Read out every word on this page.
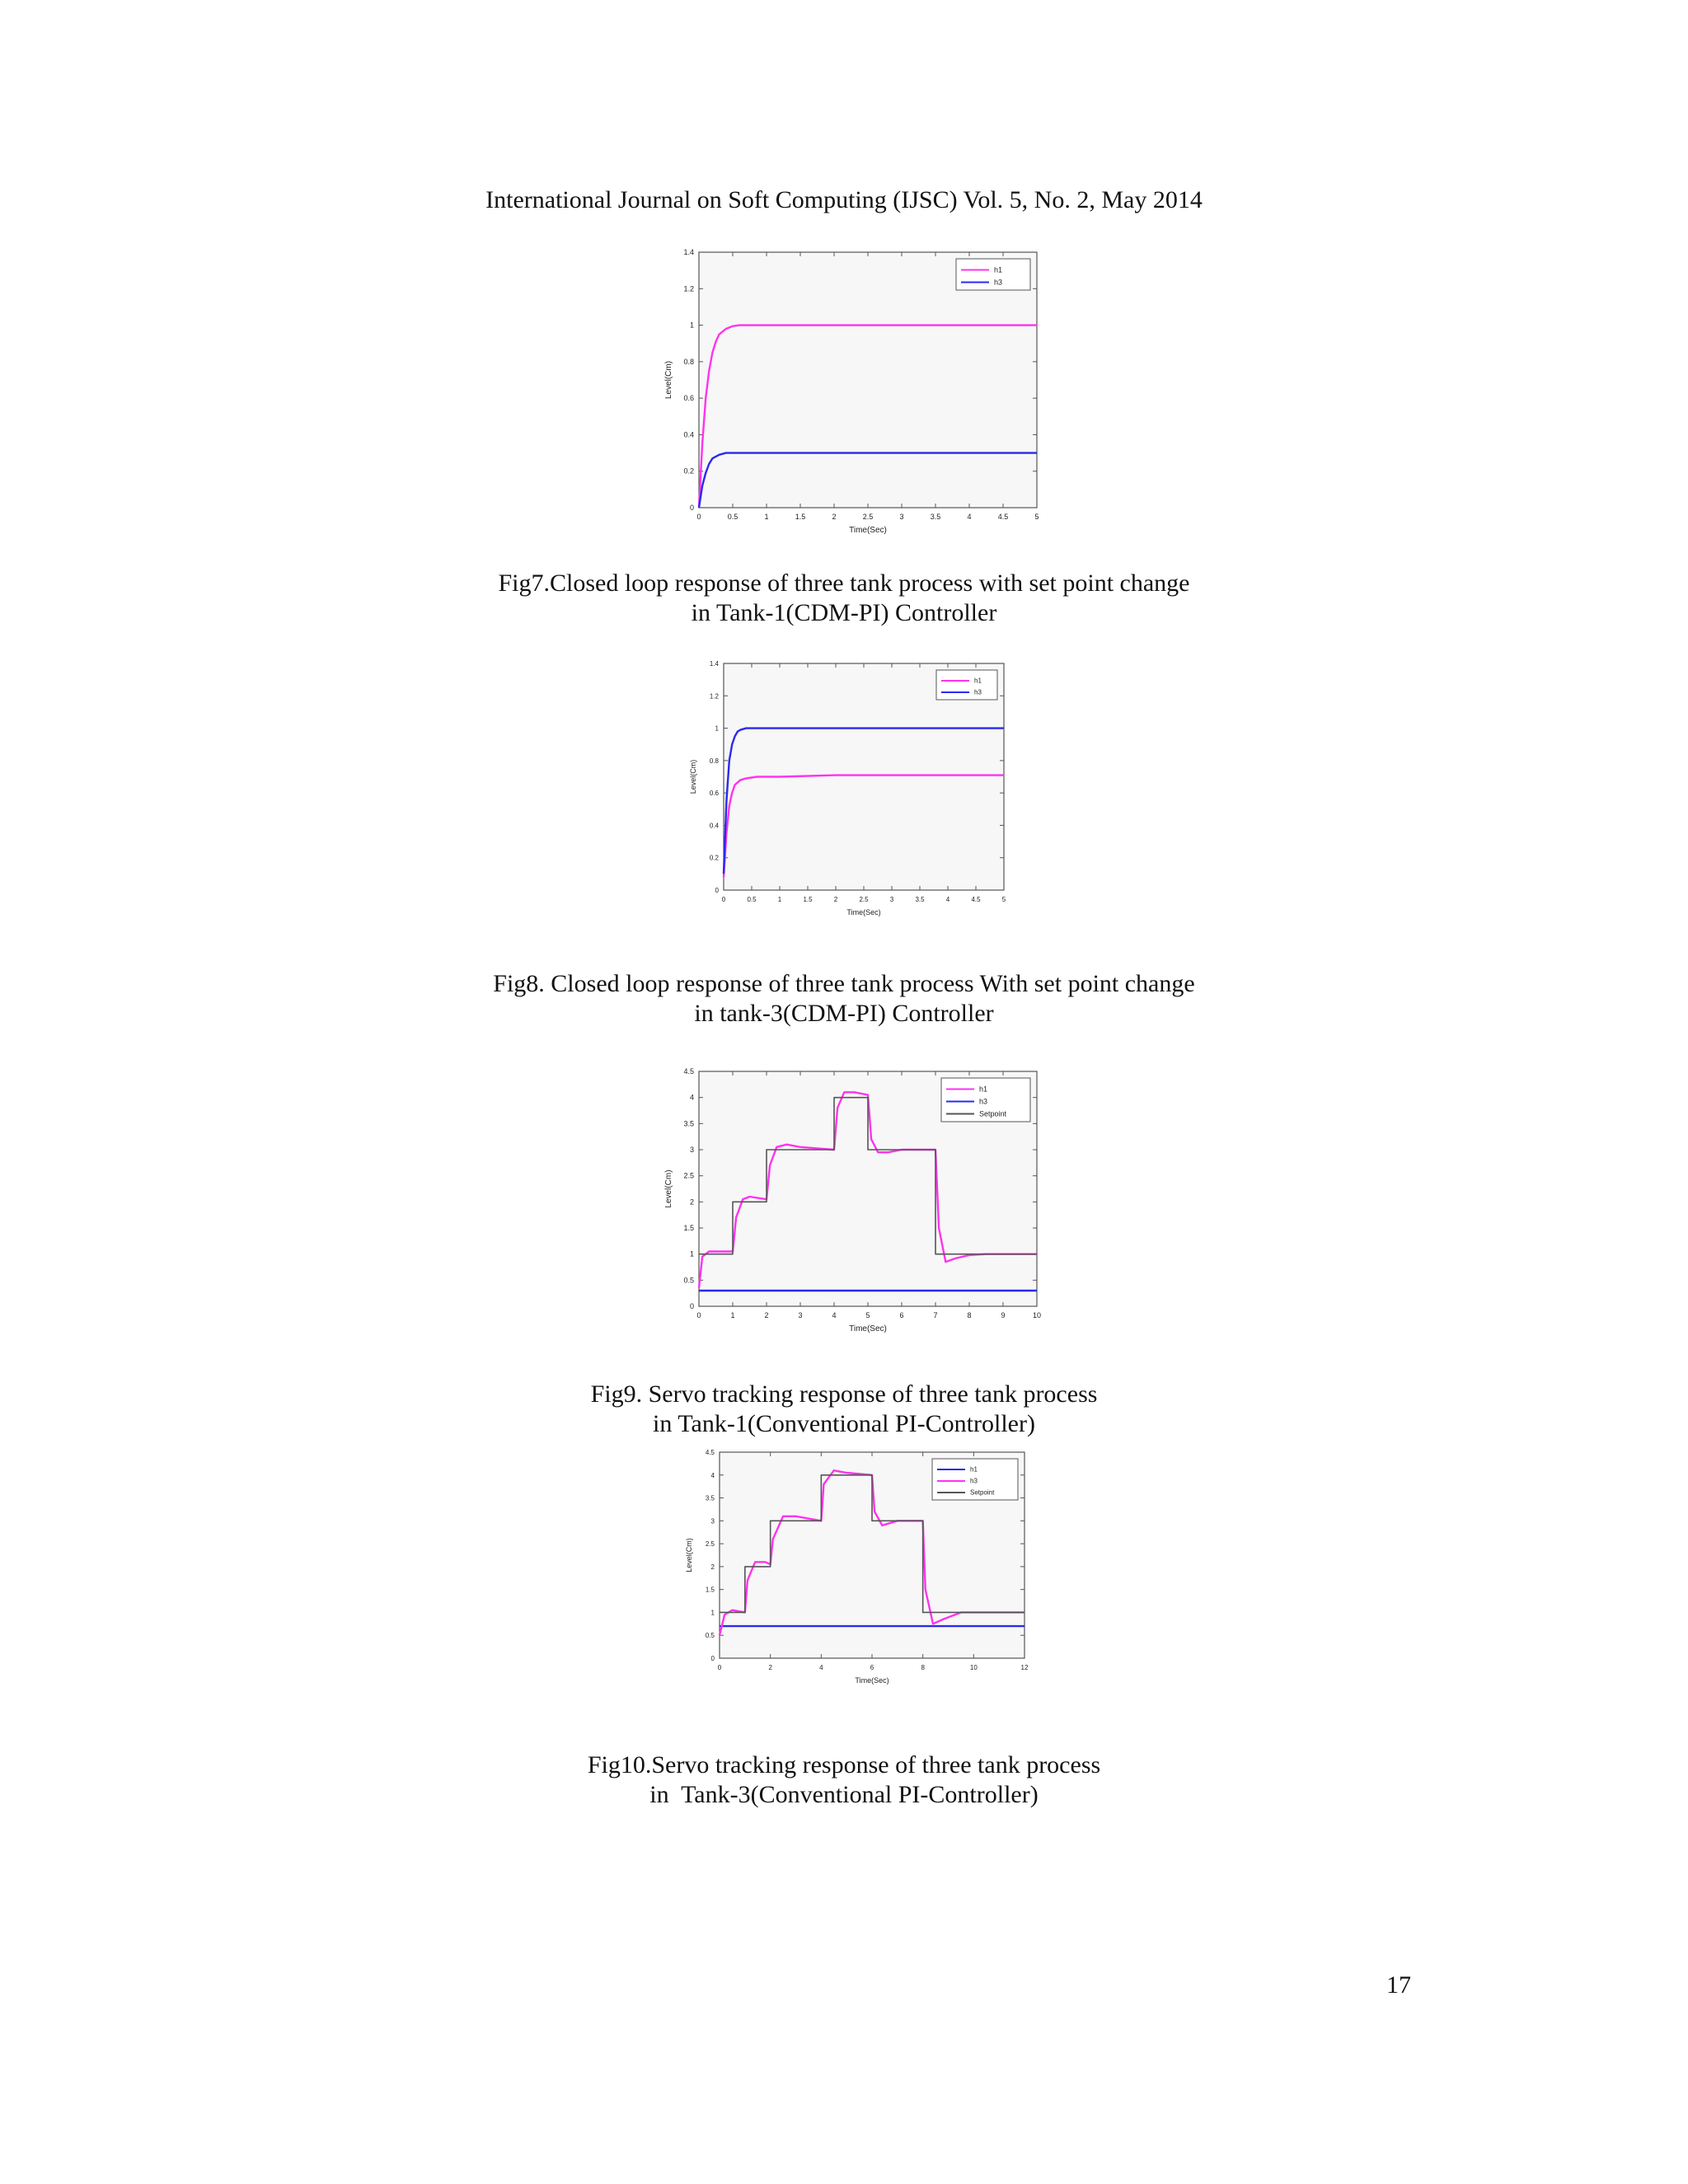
International Journal on Soft Computing (IJSC) Vol. 5, No. 2, May 2014
0	0.5	1	1.5	2	2.5	3	3.5	4	4.5	5
0
0.2
0.4
0.6
0.8
1
1.2
1.4
Time(Sec)
Level(Cm)
h1
h3
Fig7.Closed loop response of three tank process with set point change
in Tank-1(CDM-PI) Controller
0	0.5	1	1.5	2	2.5	3	3.5	4	4.5	5
0
0.2
0.4
0.6
0.8
1
1.2
1.4
Time(Sec)
Level(Cm)
h1
h3
Fig8. Closed loop response of three tank process With set point change
in tank-3(CDM-PI) Controller
0	1	2	3	4	5	6	7	8	9	10
0
0.5
1
1.5
2
2.5
3
3.5
4
4.5
Time(Sec)
Level(Cm)
h1
h3
Setpoint
Fig9. Servo tracking response of three tank process
in Tank-1(Conventional PI-Controller)
0	2	4	6	8	10	12
0
0.5
1
1.5
2
2.5
3
3.5
4
4.5
Time(Sec)
Level(Cm)
h1
h3
Setpoint
Fig10.Servo tracking response of three tank process
in  Tank-3(Conventional PI-Controller)
17
